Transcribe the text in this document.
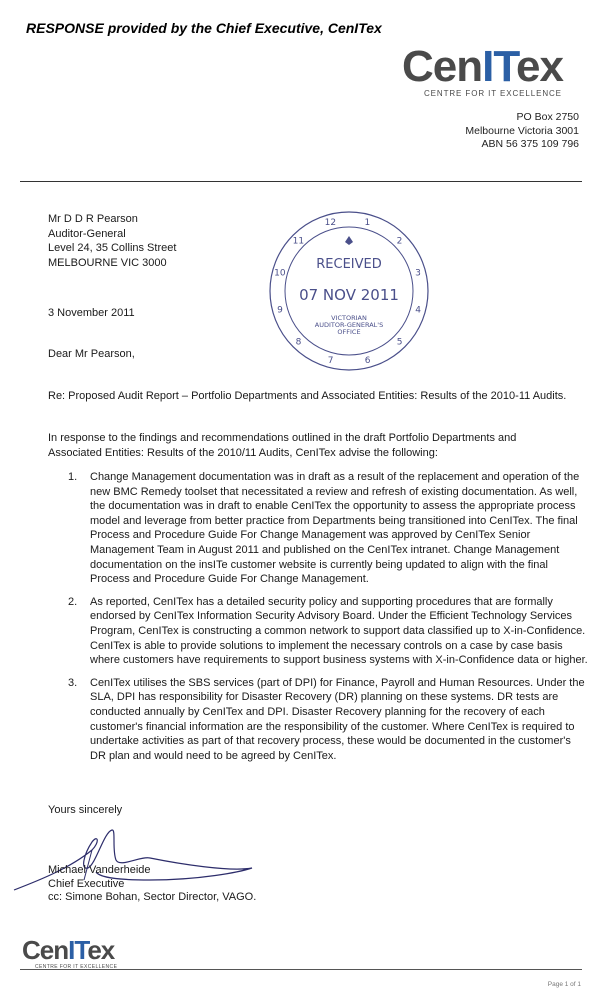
RESPONSE provided by the Chief Executive, CenITex
CenITex
CENTRE FOR IT EXCELLENCE
PO Box 2750
Melbourne Victoria 3001
ABN 56 375 109 796
Mr D D R Pearson
Auditor-General
Level 24, 35 Collins Street
MELBOURNE VIC 3000
1
2
3
4
5
6
7
8
9
10
11
12
RECEIVED
07 NOV 2011
VICTORIAN
AUDITOR-GENERAL'S
OFFICE
3 November 2011
Dear Mr Pearson,
Re: Proposed Audit Report – Portfolio Departments and Associated Entities: Results of the 2010-11 Audits.
In response to the findings and recommendations outlined in the draft Portfolio Departments and Associated Entities: Results of the 2010/11 Audits, CenITex advise the following:
1. Change Management documentation was in draft as a result of the replacement and operation of the new BMC Remedy toolset that necessitated a review and refresh of existing documentation. As well, the documentation was in draft to enable CenITex the opportunity to assess the appropriate process model and leverage from better practice from Departments being transitioned into CenITex. The final Process and Procedure Guide For Change Management was approved by CenITex Senior Management Team in August 2011 and published on the CenITex intranet. Change Management documentation on the insITe customer website is currently being updated to align with the final Process and Procedure Guide For Change Management.
2. As reported, CenITex has a detailed security policy and supporting procedures that are formally endorsed by CenITex Information Security Advisory Board. Under the Efficient Technology Services Program, CenITex is constructing a common network to support data classified up to X-in-Confidence. CenITex is able to provide solutions to implement the necessary controls on a case by case basis where customers have requirements to support business systems with X-in-Confidence data or higher.
3. CenITex utilises the SBS services (part of DPI) for Finance, Payroll and Human Resources. Under the SLA, DPI has responsibility for Disaster Recovery (DR) planning on these systems. DR tests are conducted annually by CenITex and DPI. Disaster Recovery planning for the recovery of each customer's financial information are the responsibility of the customer. Where CenITex is required to undertake activities as part of that recovery process, these would be documented in the customer's DR plan and would need to be agreed by CenITex.
Yours sincerely
Michael Vanderheide
Chief Executive
cc: Simone Bohan, Sector Director, VAGO.
CenITex
CENTRE FOR IT EXCELLENCE
Page 1 of 1
